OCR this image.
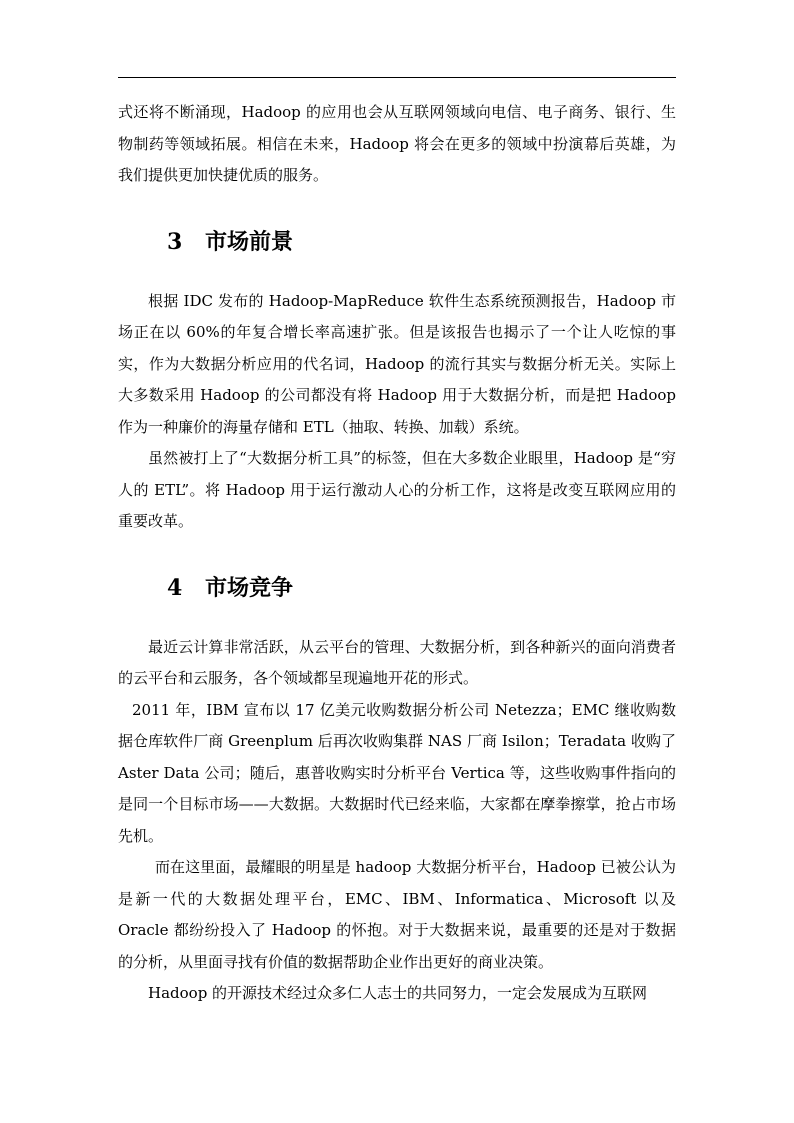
式还将不断涌现，Hadoop 的应用也会从互联网领域向电信、电子商务、银行、生物制药等领域拓展。相信在未来，Hadoop 将会在更多的领域中扮演幕后英雄，为我们提供更加快捷优质的服务。

3 市场前景

根据 IDC 发布的 Hadoop-MapReduce 软件生态系统预测报告，Hadoop 市场正在以 60%的年复合增长率高速扩张。但是该报告也揭示了一个让人吃惊的事实，作为大数据分析应用的代名词，Hadoop 的流行其实与数据分析无关。实际上大多数采用 Hadoop 的公司都没有将 Hadoop 用于大数据分析，而是把 Hadoop 作为一种廉价的海量存储和 ETL（抽取、转换、加载）系统。

虽然被打上了“大数据分析工具”的标签，但在大多数企业眼里，Hadoop 是“穷人的 ETL”。将 Hadoop 用于运行激动人心的分析工作，这将是改变互联网应用的重要改革。

4 市场竞争

最近云计算非常活跃，从云平台的管理、大数据分析，到各种新兴的面向消费者的云平台和云服务，各个领域都呈现遍地开花的形式。

2011 年，IBM 宣布以 17 亿美元收购数据分析公司 Netezza；EMC 继收购数据仓库软件厂商 Greenplum 后再次收购集群 NAS 厂商 Isilon；Teradata 收购了 Aster Data 公司；随后，惠普收购实时分析平台 Vertica 等，这些收购事件指向的是同一个目标市场——大数据。大数据时代已经来临，大家都在摩拳擦掌，抢占市场先机。

而在这里面，最耀眼的明星是 hadoop 大数据分析平台，Hadoop 已被公认为是新一代的大数据处理平台，EMC、IBM、Informatica、Microsoft 以及 Oracle 都纷纷投入了 Hadoop 的怀抱。对于大数据来说，最重要的还是对于数据的分析，从里面寻找有价值的数据帮助企业作出更好的商业决策。

Hadoop 的开源技术经过众多仁人志士的共同努力，一定会发展成为互联网
